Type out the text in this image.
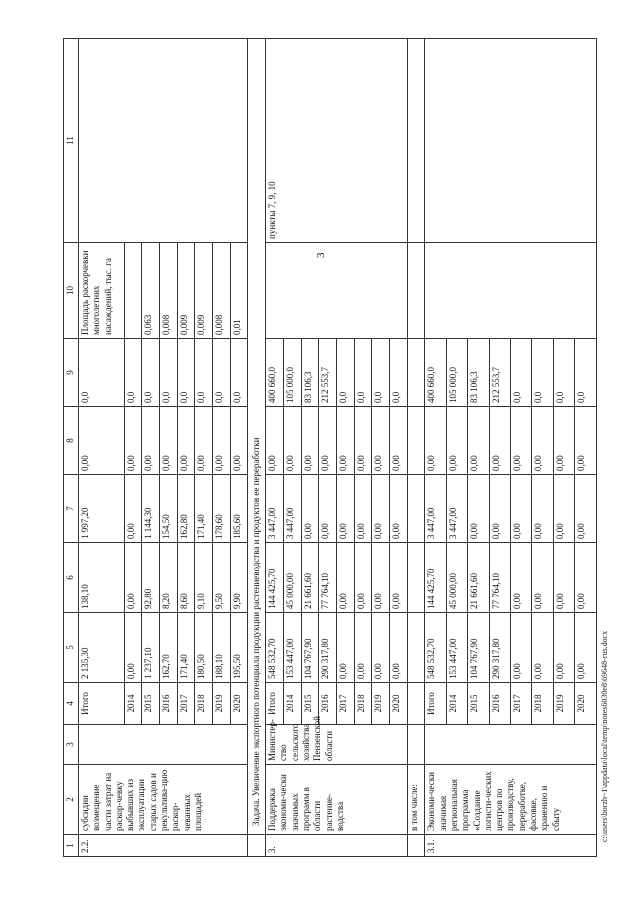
3
c:\users\borzh~1\appdata\local\temp\notes6030e8\69648-rus.docx
1	2	3	4	5	6	7	8	9	10	11
2.2.	субсидии возмещение части затрат на раскор-чевку выбывших из эксплуатации старых садов и рекультива-цию раскор-чеванных площадей		Итого	2 135,30	138,10	1 997,20	0,00	0,0	Площадь раскорчевки многолетних насаждений, тыс. га	
			2014	0,00	0,00	0,00	0,00	0,0		
			2015	1 237,10	92,80	1 144,30	0,00	0,0	0,063	
			2016	162,70	8,20	154,50	0,00	0,0	0,008	
			2017	171,40	8,60	162,80	0,00	0,0	0,009	
			2018	180,50	9,10	171,40	0,00	0,0	0,009	
			2019	188,10	9,50	178,60	0,00	0,0	0,008	
			2020	195,50	9,90	185,60	0,00	0,0	0,01	
	Задача. Увеличение экспортного потенциала продукции растениеводства и продуктов ее переработки									
3.	Поддержка экономи-чески значимых программ в области растение-водства	Министер-ство сельского хозяйства Пензенской области	Итого	548 532,70	144 425,70	3 447,00	0,00	400 660,0		пункты 7, 9, 10
			2014	153 447,00	45 000,00	3 447,00	0,00	105 000,0		
			2015	104 767,90	21 661,60	0,00	0,00	83 106,3		
			2016	290 317,80	77 764,10	0,00	0,00	212 553,7		
			2017	0,00	0,00	0,00	0,00	0,0		
			2018	0,00	0,00	0,00	0,00	0,0		
			2019	0,00	0,00	0,00	0,00	0,0		
			2020	0,00	0,00	0,00	0,00	0,0		
	в том числе:									
3.1.	Экономи-чески значимая региональная программа «Создание логисти-ческих центров по производству, переработке, фасовке, хранению и сбыту		Итого	548 532,70	144 425,70	3 447,00	0,00	400 660,0		
			2014	153 447,00	45 000,00	3 447,00	0,00	105 000,0		
			2015	104 767,90	21 661,60	0,00	0,00	83 106,3		
			2016	290 317,80	77 764,10	0,00	0,00	212 553,7		
			2017	0,00	0,00	0,00	0,00	0,0		
			2018	0,00	0,00	0,00	0,00	0,0		
			2019	0,00	0,00	0,00	0,00	0,0		
			2020	0,00	0,00	0,00	0,00	0,0		
